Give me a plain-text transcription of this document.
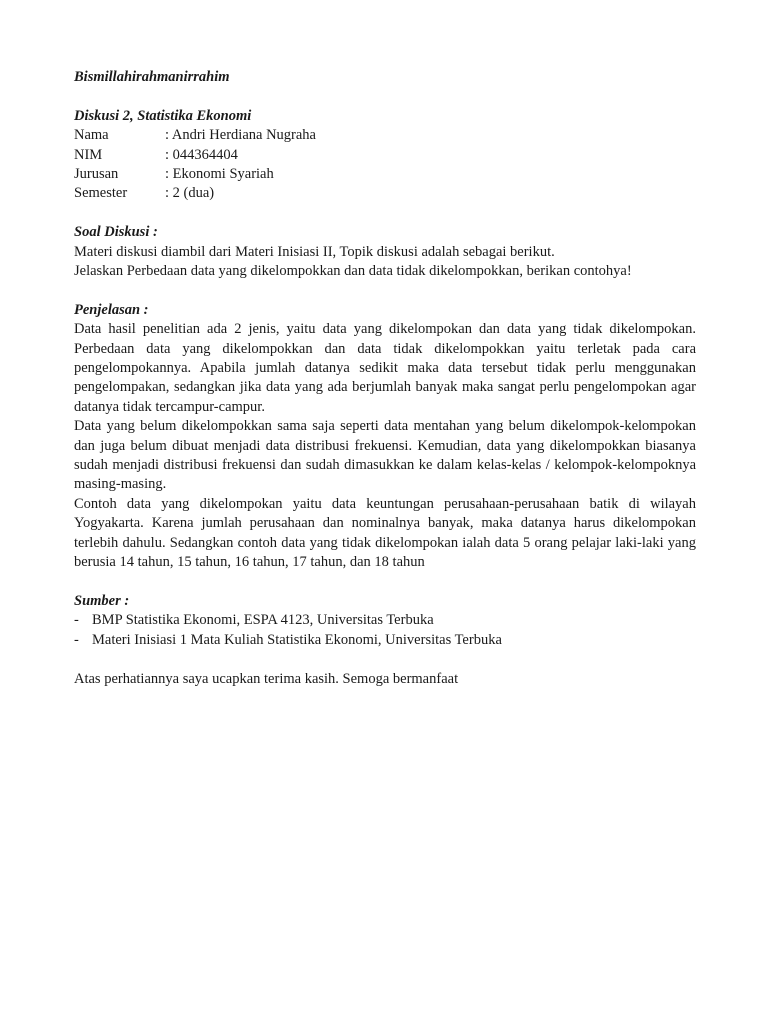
Bismillahirahmanirrahim

Diskusi 2, Statistika Ekonomi

Nama	: Andri Herdiana Nugraha
NIM	: 044364404
Jurusan	: Ekonomi Syariah
Semester	: 2 (dua)

Soal Diskusi :

Materi diskusi diambil dari Materi Inisiasi II, Topik diskusi adalah sebagai berikut.

Jelaskan Perbedaan data yang dikelompokkan dan data tidak dikelompokkan, berikan contohya!

Penjelasan :

Data hasil penelitian ada 2 jenis, yaitu data yang dikelompokan dan data yang tidak dikelompokan. Perbedaan data yang dikelompokkan dan data tidak dikelompokkan yaitu terletak pada cara pengelompokannya. Apabila jumlah datanya sedikit maka data tersebut tidak perlu menggunakan pengelompakan, sedangkan jika data yang ada berjumlah banyak maka sangat perlu pengelompokan agar datanya tidak tercampur-campur.

Data yang belum dikelompokkan sama saja seperti data mentahan yang belum dikelompok-kelompokan dan juga belum dibuat menjadi data distribusi frekuensi. Kemudian, data yang dikelompokkan biasanya sudah menjadi distribusi frekuensi dan sudah dimasukkan ke dalam kelas-kelas / kelompok-kelompoknya masing-masing.

Contoh data yang dikelompokan yaitu data keuntungan perusahaan-perusahaan batik di wilayah Yogyakarta. Karena jumlah perusahaan dan nominalnya banyak, maka datanya harus dikelompokan terlebih dahulu. Sedangkan contoh data yang tidak dikelompokan ialah data 5 orang pelajar laki-laki yang berusia 14 tahun, 15 tahun, 16 tahun, 17 tahun, dan 18 tahun

Sumber :

- BMP Statistika Ekonomi, ESPA 4123, Universitas Terbuka
- Materi Inisiasi 1 Mata Kuliah Statistika Ekonomi, Universitas Terbuka

Atas perhatiannya saya ucapkan terima kasih. Semoga bermanfaat
